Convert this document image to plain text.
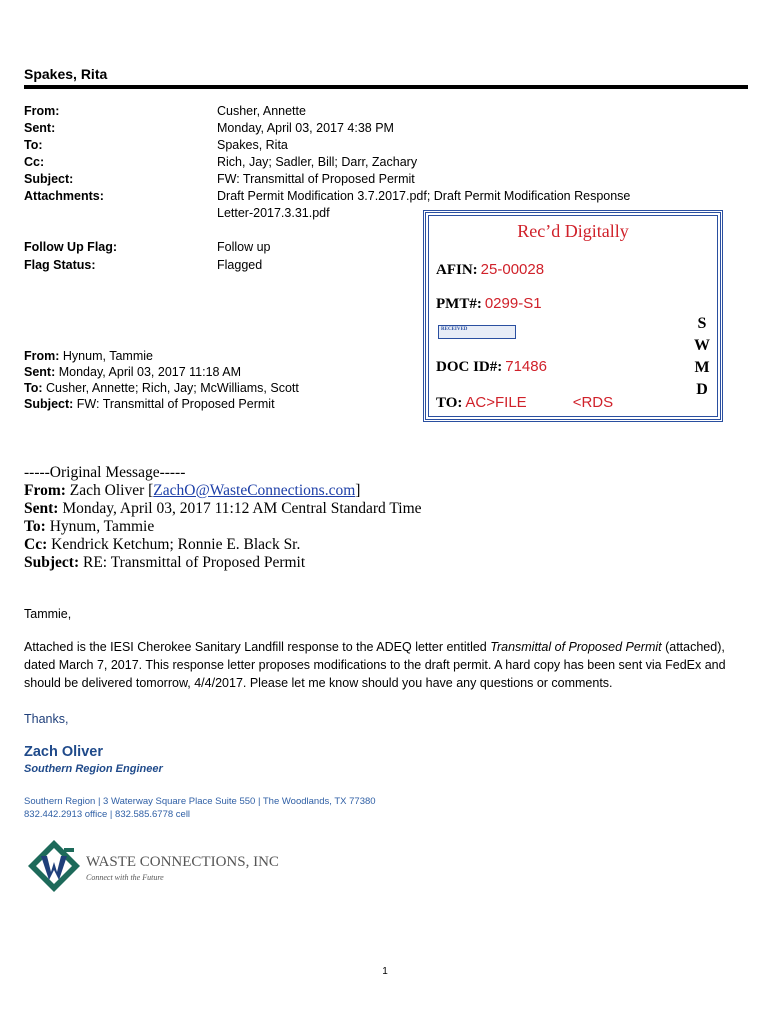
Spakes, Rita
From:	Cusher, Annette
Sent:	Monday, April 03, 2017 4:38 PM
To:	Spakes, Rita
Cc:	Rich, Jay; Sadler, Bill; Darr, Zachary
Subject:	FW: Transmittal of Proposed Permit
Attachments:	Draft Permit Modification 3.7.2017.pdf; Draft Permit Modification Response Letter-2017.3.31.pdf
Follow Up Flag:	Follow up
Flag Status:	Flagged
From: Hynum, Tammie
Sent: Monday, April 03, 2017 11:18 AM
To: Cusher, Annette; Rich, Jay; McWilliams, Scott
Subject: FW: Transmittal of Proposed Permit
Rec’d Digitally
AFIN: 25-00028
PMT#: 0299-S1
RECEIVED
DOC ID#: 71486
TO: AC>FILE	<RDS
S
W
M
D
-----Original Message-----
From: Zach Oliver [ZachO@WasteConnections.com]
Sent: Monday, April 03, 2017 11:12 AM Central Standard Time
To: Hynum, Tammie
Cc: Kendrick Ketchum; Ronnie E. Black Sr.
Subject: RE: Transmittal of Proposed Permit
Tammie,
Attached is the IESI Cherokee Sanitary Landfill response to the ADEQ letter entitled Transmittal of Proposed Permit (attached), dated March 7, 2017. This response letter proposes modifications to the draft permit. A hard copy has been sent via FedEx and should be delivered tomorrow, 4/4/2017. Please let me know should you have any questions or comments.
Thanks,
Zach Oliver
Southern Region Engineer
Southern Region | 3 Waterway Square Place Suite 550 | The Woodlands, TX 77380
832.442.2913 office | 832.585.6778 cell
WASTE CONNECTIONS, INC
Connect with the Future
1
